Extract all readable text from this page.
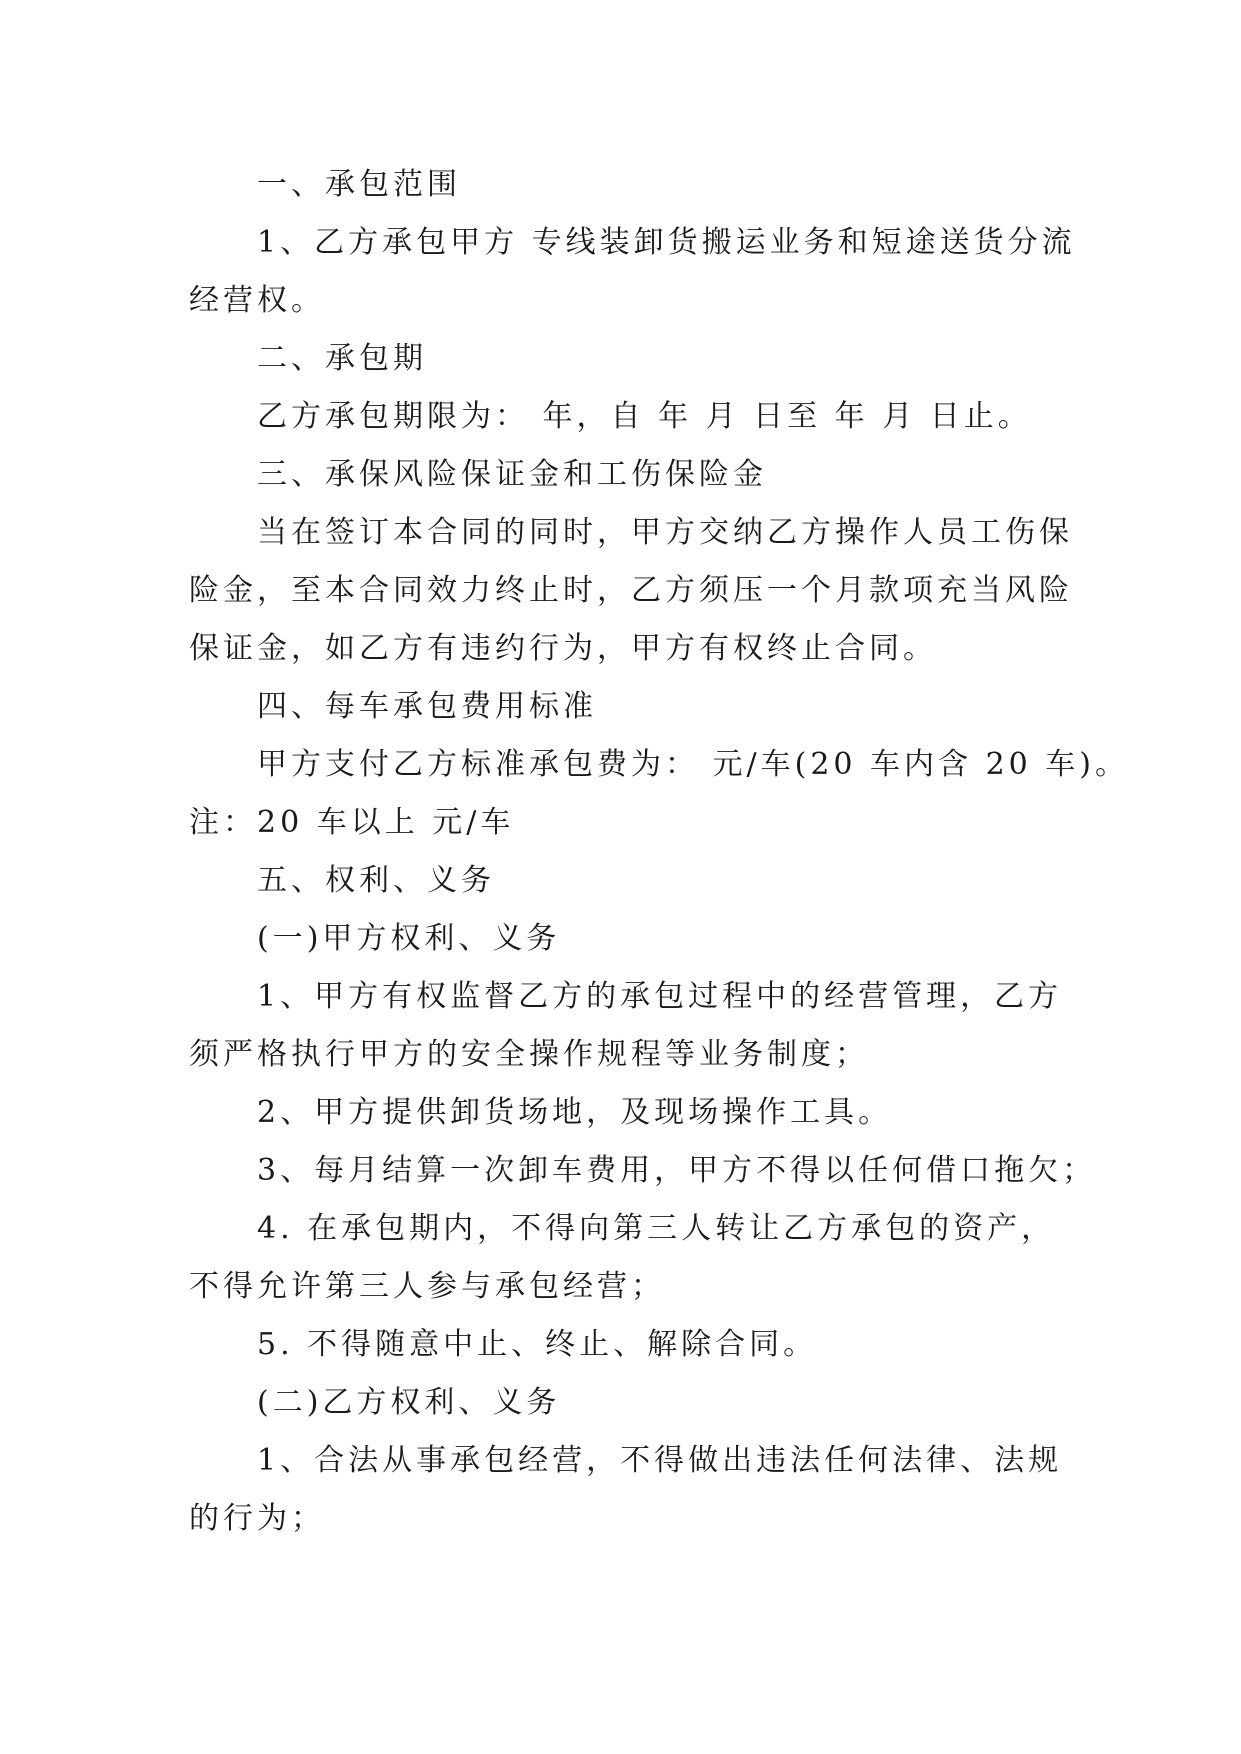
一、承包范围
1、乙方承包甲方 专线装卸货搬运业务和短途送货分流
经营权。
二、承包期
乙方承包期限为： 年，自 年 月 日至 年 月 日止。
三、承保风险保证金和工伤保险金
当在签订本合同的同时，甲方交纳乙方操作人员工伤保
险金，至本合同效力终止时，乙方须压一个月款项充当风险
保证金，如乙方有违约行为，甲方有权终止合同。
四、每车承包费用标准
甲方支付乙方标准承包费为： 元/车(20 车内含 20 车)。
注：20 车以上 元/车
五、权利、义务
(一)甲方权利、义务
1、甲方有权监督乙方的承包过程中的经营管理，乙方
须严格执行甲方的安全操作规程等业务制度；
2、甲方提供卸货场地，及现场操作工具。
3、每月结算一次卸车费用，甲方不得以任何借口拖欠；
4. 在承包期内，不得向第三人转让乙方承包的资产，
不得允许第三人参与承包经营；
5. 不得随意中止、终止、解除合同。
(二)乙方权利、义务
1、合法从事承包经营，不得做出违法任何法律、法规
的行为；
